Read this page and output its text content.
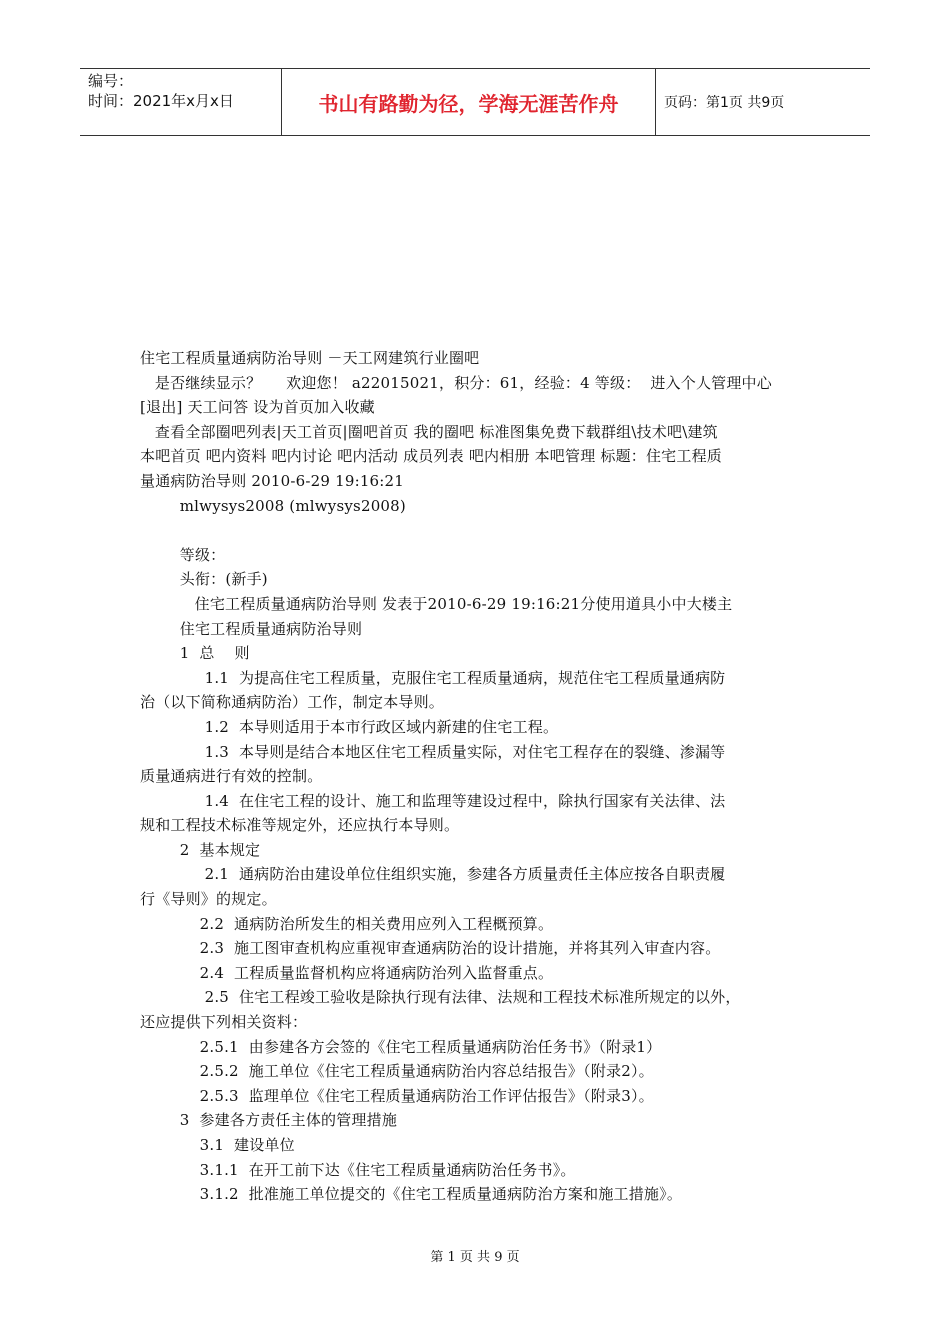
编号：
时间：2021年x月x日	书山有路勤为径，学海无涯苦作舟	页码：第1页 共9页
住宅工程质量通病防治导则 －天工网建筑行业圈吧
是否继续显示？     欢迎您！ a22015021，积分：61，经验：4 等级：  进入个人管理中心
[退出] 天工问答 设为首页加入收藏
查看全部圈吧列表|天工首页|圈吧首页 我的圈吧 标准图集免费下载群组\技术吧\建筑
本吧首页 吧内资料 吧内讨论 吧内活动 成员列表 吧内相册 本吧管理 标题：住宅工程质
量通病防治导则 2010-6-29 19:16:21
mlwysys2008 (mlwysys2008)
等级：
头衔：(新手)
住宅工程质量通病防治导则 发表于2010-6-29 19:16:21分使用道具小中大楼主
住宅工程质量通病防治导则
1  总    则
1.1  为提高住宅工程质量，克服住宅工程质量通病，规范住宅工程质量通病防
治（以下简称通病防治）工作，制定本导则。
1.2  本导则适用于本市行政区域内新建的住宅工程。
1.3  本导则是结合本地区住宅工程质量实际，对住宅工程存在的裂缝、渗漏等
质量通病进行有效的控制。
1.4  在住宅工程的设计、施工和监理等建设过程中，除执行国家有关法律、法
规和工程技术标准等规定外，还应执行本导则。
2  基本规定
2.1  通病防治由建设单位住组织实施，参建各方质量责任主体应按各自职责履
行《导则》的规定。
2.2  通病防治所发生的相关费用应列入工程概预算。
2.3  施工图审查机构应重视审查通病防治的设计措施，并将其列入审查内容。
2.4  工程质量监督机构应将通病防治列入监督重点。
2.5  住宅工程竣工验收是除执行现有法律、法规和工程技术标准所规定的以外，
还应提供下列相关资料：
2.5.1  由参建各方会签的《住宅工程质量通病防治任务书》（附录1）
2.5.2  施工单位《住宅工程质量通病防治内容总结报告》（附录2）。
2.5.3  监理单位《住宅工程质量通病防治工作评估报告》（附录3）。
3  参建各方责任主体的管理措施
3.1  建设单位
3.1.1  在开工前下达《住宅工程质量通病防治任务书》。
3.1.2  批准施工单位提交的《住宅工程质量通病防治方案和施工措施》。
第 1 页 共 9 页
